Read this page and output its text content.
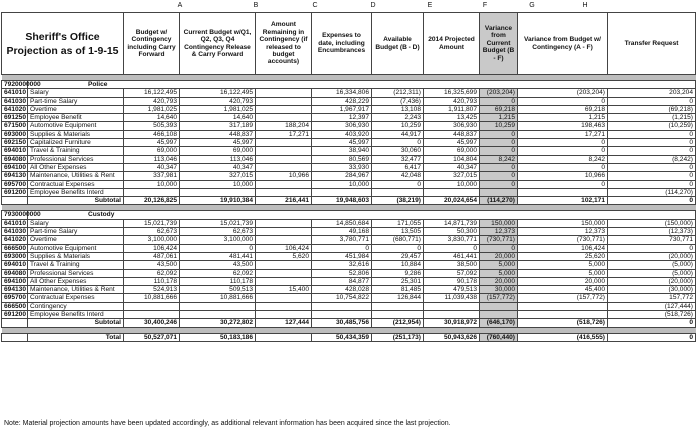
A	B	C	D	E	F	G	H
Sheriff's Office Projection as of 1-9-15		Budget w/ Contingency including Carry Forward	Current Budget w/Q1, Q2, Q3, Q4 Contingency Release & Carry Forward	Amount Remaining in Contingency (if released to budget accounts)	Expenses to date, including Encumbrances	Available Budget (B - D)	2014 Projected Amount	Variance from Current Budget (B - F)	Variance from Budget w/ Contingency (A - F)	Transfer Request

7920000000	Police									
641010	Salary	16,122,495	16,122,495		16,334,806	(212,311)	16,325,699	(203,204)	(203,204)	203,204
641030	Part-time Salary	420,793	420,793		428,229	(7,436)	420,793	0	0	0
641020	Overtime	1,981,025	1,981,025		1,967,917	13,108	1,911,807	69,218	69,218	(69,218)
691250	Employee Benefit	14,640	14,640		12,397	2,243	13,425	1,215	1,215	(1,215)
671500	Automotive Equipment	505,393	317,189	188,204	306,930	10,259	306,930	10,259	198,463	(10,259)
693000	Supplies & Materials	466,108	448,837	17,271	403,920	44,917	448,837	0	17,271	0
692150	Capitalized Furniture	45,997	45,997		45,997	0	45,997	0	0	0
694010	Travel & Training	69,000	69,000		38,940	30,060	69,000	0	0	0
694080	Professional Services	113,046	113,046		80,569	32,477	104,804	8,242	8,242	(8,242)
694100	All Other Expenses	40,347	40,347		33,930	6,417	40,347	0	0	0
694130	Maintenance, Utilities & Rent	337,981	327,015	10,966	284,967	42,048	327,015	0	10,966	0
695700	Contractual Expenses	10,000	10,000		10,000	0	10,000	0	0	0
691200	Employee Benefits Interd									(114,270)
	Subtotal	20,126,825	19,910,384	216,441	19,948,603	(38,219)	20,024,654	(114,270)	102,171	0

7930000000	Custody									
641010	Salary	15,021,739	15,021,739		14,850,684	171,055	14,871,739	150,000	150,000	(150,000)
641030	Part-time Salary	62,673	62,673		49,168	13,505	50,300	12,373	12,373	(12,373)
641020	Overtime	3,100,000	3,100,000		3,780,771	(680,771)	3,830,771	(730,771)	(730,771)	730,771
666500	Automotive Equipment	106,424	0	106,424	0	0	0	0	106,424	0
693000	Supplies & Materials	487,061	481,441	5,620	451,984	29,457	461,441	20,000	25,620	(20,000)
694010	Travel & Training	43,500	43,500		32,616	10,884	38,500	5,000	5,000	(5,000)
694080	Professional Services	62,092	62,092		52,806	9,286	57,092	5,000	5,000	(5,000)
694100	All Other Expenses	110,178	110,178		84,877	25,301	90,178	20,000	20,000	(20,000)
694130	Maintenance, Utilities & Rent	524,913	509,513	15,400	428,028	81,485	479,513	30,000	45,400	(30,000)
695700	Contractual Expenses	10,881,666	10,881,666		10,754,822	126,844	11,039,438	(157,772)	(157,772)	157,772
666500	Contingency									(127,444)
691200	Employee Benefits Interd									(518,726)
	Subtotal	30,400,246	30,272,802	127,444	30,485,756	(212,954)	30,918,972	(646,170)	(518,726)	0

	Total	50,527,071	50,183,186		50,434,359	(251,173)	50,943,626	(760,440)	(416,555)	0
Note: Material projection amounts have been updated accordingly, as additional relevant information has been acquired since the last projection.
